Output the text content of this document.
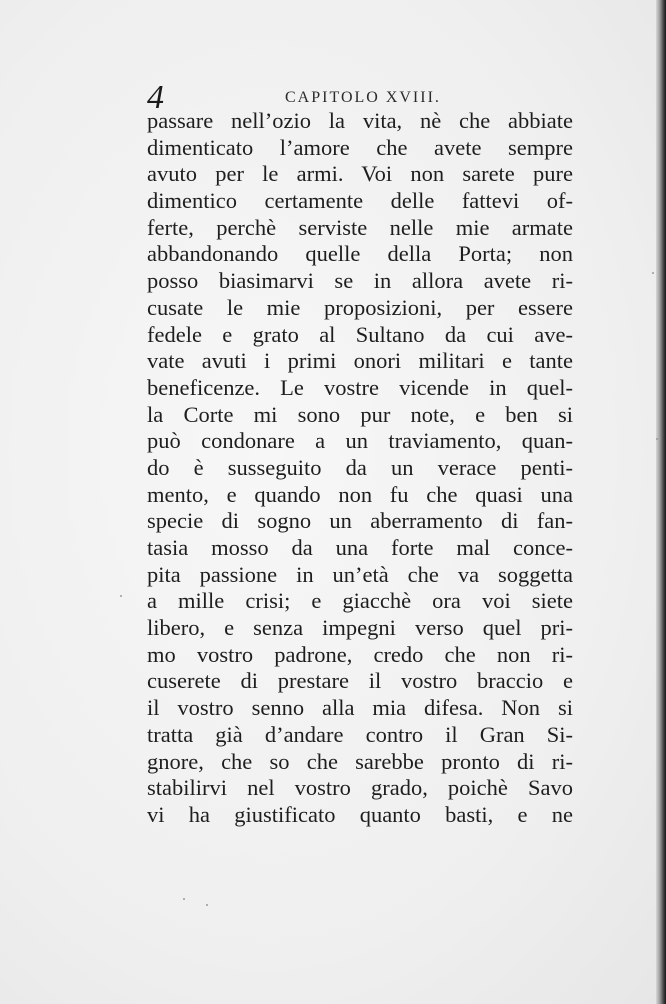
4	CAPITOLO XVIII.
passare nell’ozio la vita, nè che abbiate
dimenticato l’amore che avete sempre
avuto per le armi. Voi non sarete pure
dimentico certamente delle fattevi of-
ferte, perchè serviste nelle mie armate
abbandonando quelle della Porta; non
posso biasimarvi se in allora avete ri-
cusate le mie proposizioni, per essere
fedele e grato al Sultano da cui ave-
vate avuti i primi onori militari e tante
beneficenze. Le vostre vicende in quel-
la Corte mi sono pur note, e ben si
può condonare a un traviamento, quan-
do è susseguito da un verace penti-
mento, e quando non fu che quasi una
specie di sogno un aberramento di fan-
tasia mosso da una forte mal conce-
pita passione in un’età che va soggetta
a mille crisi; e giacchè ora voi siete
libero, e senza impegni verso quel pri-
mo vostro padrone, credo che non ri-
cuserete di prestare il vostro braccio e
il vostro senno alla mia difesa. Non si
tratta già d’andare contro il Gran Si-
gnore, che so che sarebbe pronto di ri-
stabilirvi nel vostro grado, poichè Savo
vi ha giustificato quanto basti, e ne
